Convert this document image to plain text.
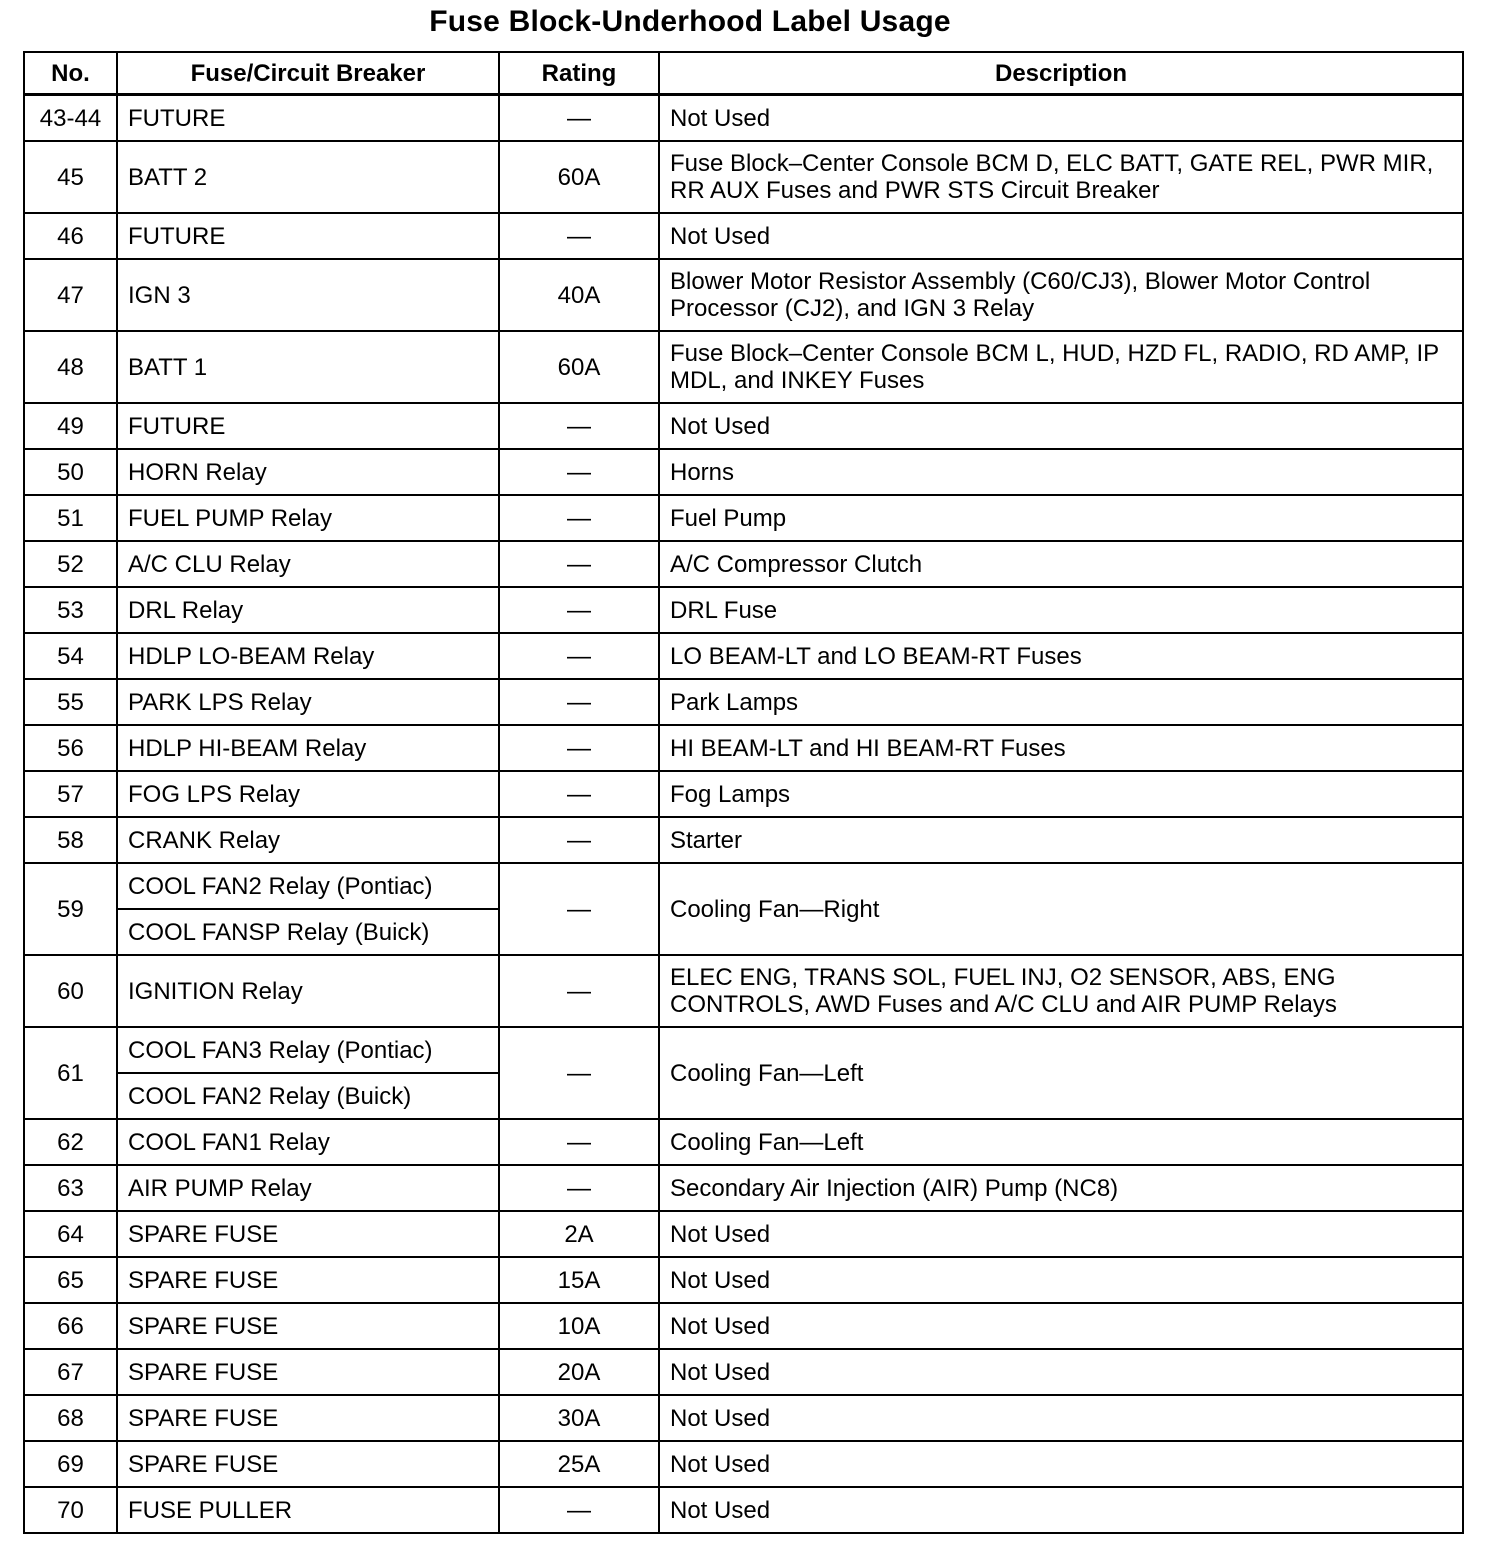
Fuse Block-Underhood Label Usage
No.	Fuse/Circuit Breaker	Rating	Description
43-44	FUTURE	—	Not Used
45	BATT 2	60A	Fuse Block–Center Console BCM D, ELC BATT, GATE REL, PWR MIR, RR AUX Fuses and PWR STS Circuit Breaker
46	FUTURE	—	Not Used
47	IGN 3	40A	Blower Motor Resistor Assembly (C60/CJ3), Blower Motor Control Processor (CJ2), and IGN 3 Relay
48	BATT 1	60A	Fuse Block–Center Console BCM L, HUD, HZD FL, RADIO, RD AMP, IP MDL, and INKEY Fuses
49	FUTURE	—	Not Used
50	HORN Relay	—	Horns
51	FUEL PUMP Relay	—	Fuel Pump
52	A/C CLU Relay	—	A/C Compressor Clutch
53	DRL Relay	—	DRL Fuse
54	HDLP LO-BEAM Relay	—	LO BEAM-LT and LO BEAM-RT Fuses
55	PARK LPS Relay	—	Park Lamps
56	HDLP HI-BEAM Relay	—	HI BEAM-LT and HI BEAM-RT Fuses
57	FOG LPS Relay	—	Fog Lamps
58	CRANK Relay	—	Starter
59	COOL FAN2 Relay (Pontiac)	—	Cooling Fan—Right
	COOL FANSP Relay (Buick)		
60	IGNITION Relay	—	ELEC ENG, TRANS SOL, FUEL INJ, O2 SENSOR, ABS, ENG CONTROLS, AWD Fuses and A/C CLU and AIR PUMP Relays
61	COOL FAN3 Relay (Pontiac)	—	Cooling Fan—Left
	COOL FAN2 Relay (Buick)		
62	COOL FAN1 Relay	—	Cooling Fan—Left
63	AIR PUMP Relay	—	Secondary Air Injection (AIR) Pump (NC8)
64	SPARE FUSE	2A	Not Used
65	SPARE FUSE	15A	Not Used
66	SPARE FUSE	10A	Not Used
67	SPARE FUSE	20A	Not Used
68	SPARE FUSE	30A	Not Used
69	SPARE FUSE	25A	Not Used
70	FUSE PULLER	—	Not Used
